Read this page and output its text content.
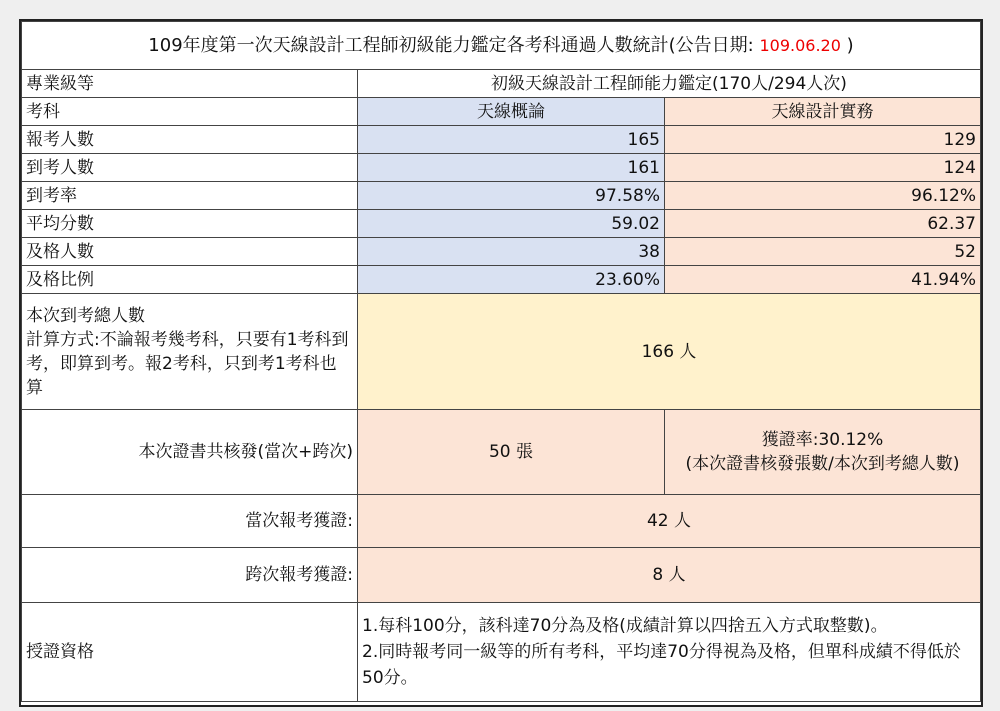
109年度第一次天線設計工程師初級能力鑑定各考科通過人數統計(公告日期: 109.06.20 )		
專業級等	初級天線設計工程師能力鑑定(170人/294人次)	
考科	天線概論	天線設計實務
報考人數	165	129
到考人數	161	124
到考率	97.58%	96.12%
平均分數	59.02	62.37
及格人數	38	52
及格比例	23.60%	41.94%

本次到考總人數
計算方式:不論報考幾考科，只要有1考科到考，即算到考。報2考科，只到考1考科也算	166 人	
本次證書共核發(當次+跨次)	50 張	獲證率:30.12%
(本次證書核發張數/本次到考總人數)

當次報考獲證:	42 人	
跨次報考獲證:	8 人	
授證資格	1.每科100分，該科達70分為及格(成績計算以四捨五入方式取整數)。
2.同時報考同一級等的所有考科，平均達70分得視為及格，但單科成績不得低於50分。	
